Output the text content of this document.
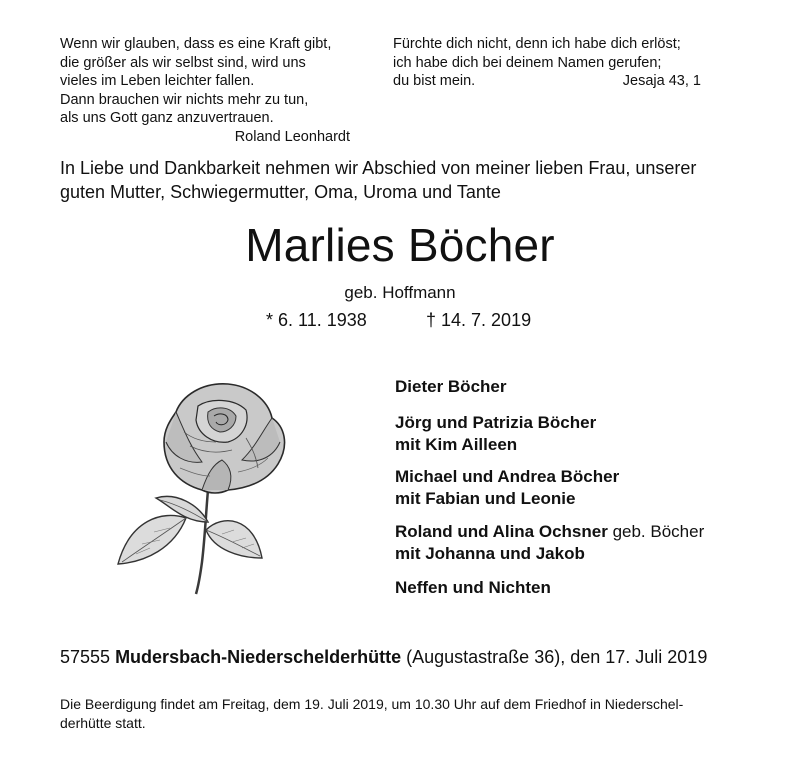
Wenn wir glauben, dass es eine Kraft gibt,
die größer als wir selbst sind, wird uns
vieles im Leben leichter fallen.
Dann brauchen wir nichts mehr zu tun,
als uns Gott ganz anzuvertrauen.
Roland Leonhardt
Fürchte dich nicht, denn ich habe dich erlöst;
ich habe dich bei deinem Namen gerufen;
du bist mein.	Jesaja 43, 1
In Liebe und Dankbarkeit nehmen wir Abschied von meiner lieben Frau, unserer
guten Mutter, Schwiegermutter, Oma, Uroma und Tante
Marlies Böcher
geb. Hoffmann
* 6. 11. 1938	† 14. 7. 2019
Dieter Böcher
Jörg und Patrizia Böcher
mit Kim Ailleen
Michael und Andrea Böcher
mit Fabian und Leonie
Roland und Alina Ochsner geb. Böcher
mit Johanna und Jakob
Neffen und Nichten
57555 Mudersbach-Niederschelderhütte (Augustastraße 36), den 17. Juli 2019
Die Beerdigung findet am Freitag, dem 19. Juli 2019, um 10.30 Uhr auf dem Friedhof in Niederschel-
derhütte statt.
